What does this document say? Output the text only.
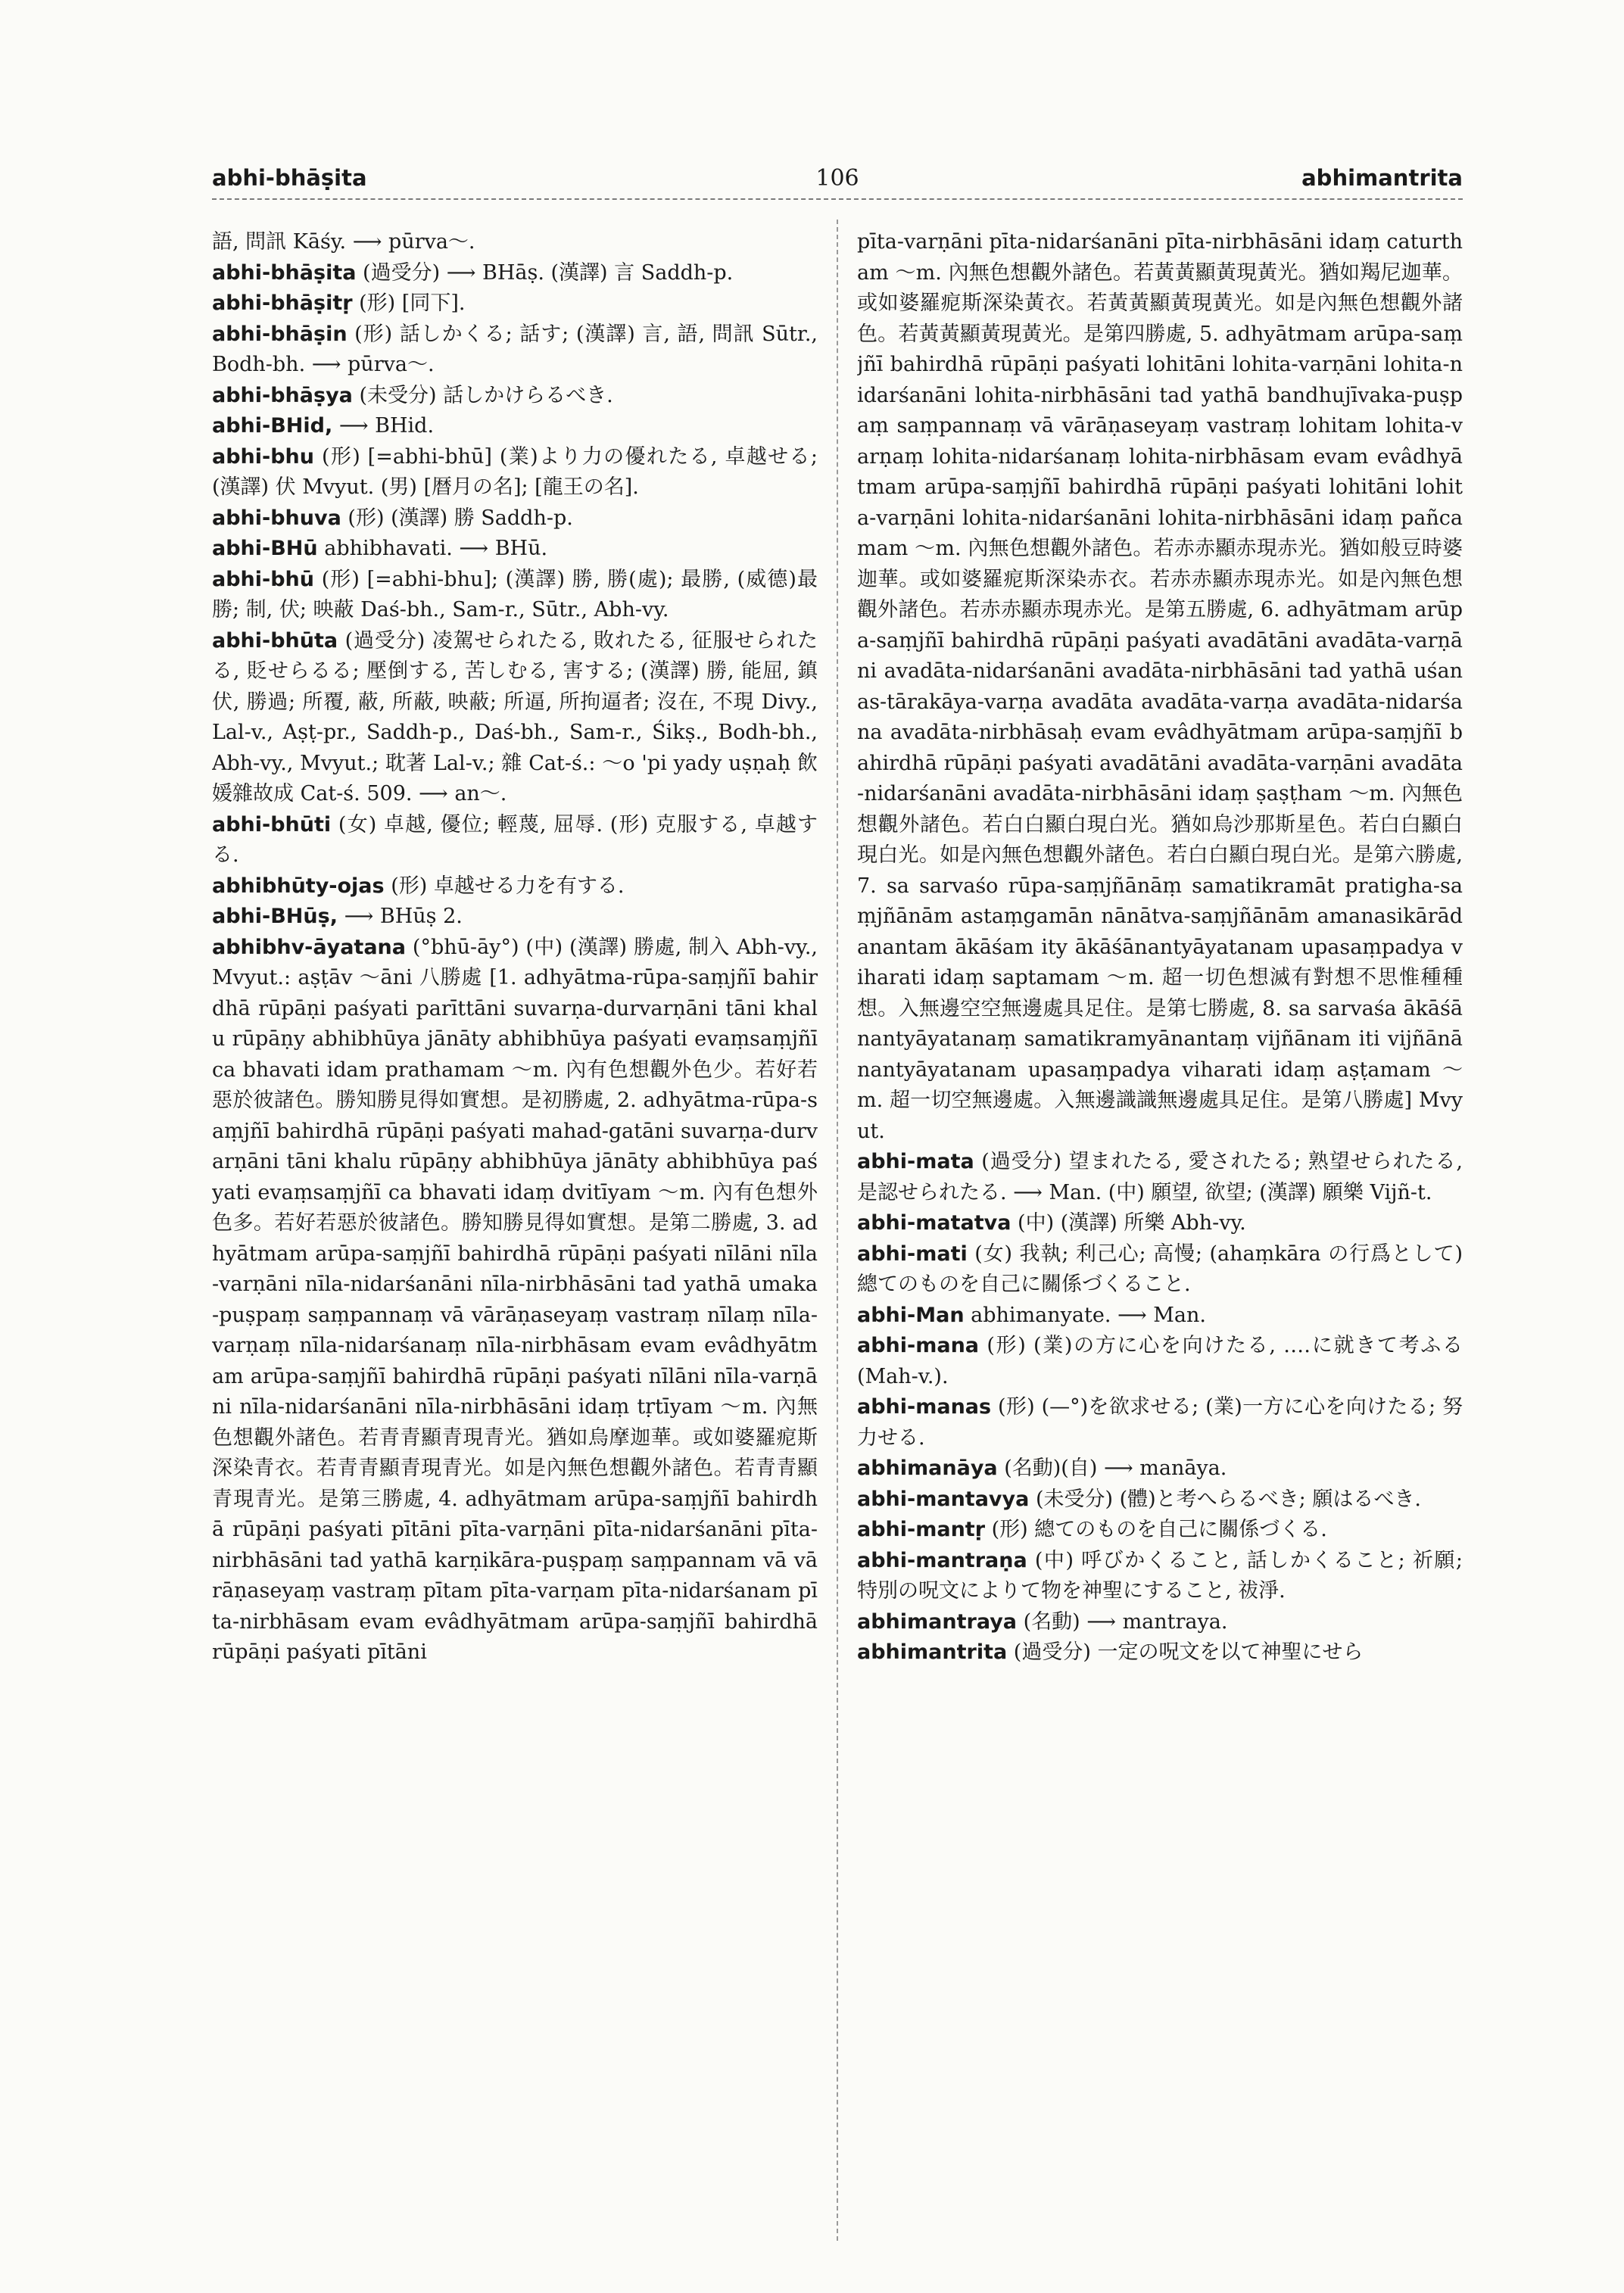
abhi-bhāṣita	106	abhimantrita

語, 問訊 Kāśy. ⟶ pūrva〜.

abhi-bhāṣita (過受分) ⟶ BHāṣ. (漢譯) 言 Saddh-p.

abhi-bhāṣitṛ (形) [同下].

abhi-bhāṣin (形) 話しかくる; 話す; (漢譯) 言, 語, 問訊 Sūtr., Bodh-bh. ⟶ pūrva〜.

abhi-bhāṣya (未受分) 話しかけらるべき.

abhi-BHid, ⟶ BHid.

abhi-bhu (形) [=abhi-bhū] (業)より力の優れたる, 卓越せる; (漢譯) 伏 Mvyut. (男) [暦月の名]; [龍王の名].

abhi-bhuva (形) (漢譯) 勝 Saddh-p.

abhi-BHū abhibhavati. ⟶ BHū.

abhi-bhū (形) [=abhi-bhu]; (漢譯) 勝, 勝(處); 最勝, (威德)最勝; 制, 伏; 映蔽 Daś-bh., Sam-r., Sūtr., Abh-vy.

abhi-bhūta (過受分) 凌駕せられたる, 敗れたる, 征服せられたる, 貶せらるる; 壓倒する, 苦しむる, 害する; (漢譯) 勝, 能屈, 鎮伏, 勝過; 所覆, 蔽, 所蔽, 映蔽; 所逼, 所拘逼者; 沒在, 不現 Divy., Lal-v., Aṣṭ-pr., Saddh-p., Daś-bh., Sam-r., Śikṣ., Bodh-bh., Abh-vy., Mvyut.; 耽著 Lal-v.; 雜 Cat-ś.: 〜o 'pi yady uṣṇaḥ 飲媛雜故成 Cat-ś. 509. ⟶ an〜.

abhi-bhūti (女) 卓越, 優位; 輕蔑, 屈辱. (形) 克服する, 卓越する.

abhibhūty-ojas (形) 卓越せる力を有する.

abhi-BHūṣ, ⟶ BHūṣ 2.

abhibhv-āyatana (°bhū-āy°) (中) (漢譯) 勝處, 制入 Abh-vy., Mvyut.: aṣṭāv 〜āni 八勝處 [1. adhyātma-rūpa-saṃjñī bahirdhā rūpāṇi paśyati parīttāni suvarṇa-durvarṇāni tāni khalu rūpāṇy abhibhūya jānāty abhibhūya paśyati evaṃsaṃjñī ca bhavati idam prathamam 〜m. 內有色想觀外色少。若好若惡於彼諸色。勝知勝見得如實想。是初勝處, 2. adhyātma-rūpa-saṃjñī bahirdhā rūpāṇi paśyati mahad-gatāni suvarṇa-durvarṇāni tāni khalu rūpāṇy abhibhūya jānāty abhibhūya paśyati evaṃsaṃjñī ca bhavati idaṃ dvitīyam 〜m. 內有色想外色多。若好若惡於彼諸色。勝知勝見得如實想。是第二勝處, 3. adhyātmam arūpa-saṃjñī bahirdhā rūpāṇi paśyati nīlāni nīla-varṇāni nīla-nidarśanāni nīla-nirbhāsāni tad yathā umaka-puṣpaṃ saṃpannaṃ vā vārāṇaseyaṃ vastraṃ nīlaṃ nīla-varṇaṃ nīla-nidarśanaṃ nīla-nirbhāsam evam evâdhyātmam arūpa-saṃjñī bahirdhā rūpāṇi paśyati nīlāni nīla-varṇāni nīla-nidarśanāni nīla-nirbhāsāni idaṃ tṛtīyam 〜m. 內無色想觀外諸色。若青青顯青現青光。猶如烏摩迦華。或如婆羅痆斯深染青衣。若青青顯青現青光。如是內無色想觀外諸色。若青青顯青現青光。是第三勝處, 4. adhyātmam arūpa-saṃjñī bahirdhā rūpāṇi paśyati pītāni pīta-varṇāni pīta-nidarśanāni pīta-nirbhāsāni tad yathā karṇikāra-puṣpaṃ saṃpannam vā vārāṇaseyaṃ vastraṃ pītam pīta-varṇam pīta-nidarśanam pīta-nirbhāsam evam evâdhyātmam arūpa-saṃjñī bahirdhā rūpāṇi paśyati pītāni

pīta-varṇāni pīta-nidarśanāni pīta-nirbhāsāni idaṃ caturtham 〜m. 內無色想觀外諸色。若黃黃顯黃現黃光。猶如羯尼迦華。或如婆羅痆斯深染黃衣。若黃黃顯黃現黃光。如是內無色想觀外諸色。若黃黃顯黃現黃光。是第四勝處, 5. adhyātmam arūpa-saṃjñī bahirdhā rūpāṇi paśyati lohitāni lohita-varṇāni lohita-nidarśanāni lohita-nirbhāsāni tad yathā bandhujīvaka-puṣpaṃ saṃpannaṃ vā vārāṇaseyaṃ vastraṃ lohitam lohita-varṇaṃ lohita-nidarśanaṃ lohita-nirbhāsam evam evâdhyātmam arūpa-saṃjñī bahirdhā rūpāṇi paśyati lohitāni lohita-varṇāni lohita-nidarśanāni lohita-nirbhāsāni idaṃ pañcamam 〜m. 內無色想觀外諸色。若赤赤顯赤現赤光。猶如般豆時婆迦華。或如婆羅痆斯深染赤衣。若赤赤顯赤現赤光。如是內無色想觀外諸色。若赤赤顯赤現赤光。是第五勝處, 6. adhyātmam arūpa-saṃjñī bahirdhā rūpāṇi paśyati avadātāni avadāta-varṇāni avadāta-nidarśanāni avadāta-nirbhāsāni tad yathā uśanas-tārakāya-varṇa avadāta avadāta-varṇa avadāta-nidarśana avadāta-nirbhāsaḥ evam evâdhyātmam arūpa-saṃjñī bahirdhā rūpāṇi paśyati avadātāni avadāta-varṇāni avadāta-nidarśanāni avadāta-nirbhāsāni idaṃ ṣaṣṭham 〜m. 內無色想觀外諸色。若白白顯白現白光。猶如烏沙那斯星色。若白白顯白現白光。如是內無色想觀外諸色。若白白顯白現白光。是第六勝處, 7. sa sarvaśo rūpa-saṃjñānāṃ samatikramāt pratigha-saṃjñānām astaṃgamān nānātva-saṃjñānām amanasikārād anantam ākāśam ity ākāśānantyāyatanam upasaṃpadya viharati idaṃ saptamam 〜m. 超一切色想滅有對想不思惟種種想。入無邊空空無邊處具足住。是第七勝處, 8. sa sarvaśa ākāśānantyāyatanaṃ samatikramyānantaṃ vijñānam iti vijñānānantyāyatanam upasaṃpadya viharati idaṃ aṣṭamam 〜m. 超一切空無邊處。入無邊識識無邊處具足住。是第八勝處] Mvyut.

abhi-mata (過受分) 望まれたる, 愛されたる; 熟望せられたる, 是認せられたる. ⟶ Man. (中) 願望, 欲望; (漢譯) 願樂 Vijñ-t.

abhi-matatva (中) (漢譯) 所樂 Abh-vy.

abhi-mati (女) 我執; 利己心; 高慢; (ahaṃkāra の行爲として)總てのものを自己に關係づくること.

abhi-Man abhimanyate. ⟶ Man.

abhi-mana (形) (業)の方に心を向けたる, ‥‥に就きて考ふる (Mah-v.).

abhi-manas (形) (—°)を欲求せる; (業)一方に心を向けたる; 努力せる.

abhimanāya (名動)(自) ⟶ manāya.

abhi-mantavya (未受分) (體)と考へらるべき; 願はるべき.

abhi-mantṛ (形) 總てのものを自己に關係づくる.

abhi-mantraṇa (中) 呼びかくること, 話しかくること; 祈願; 特別の呪文によりて物を神聖にすること, 祓淨.

abhimantraya (名動) ⟶ mantraya.

abhimantrita (過受分) 一定の呪文を以て神聖にせら
